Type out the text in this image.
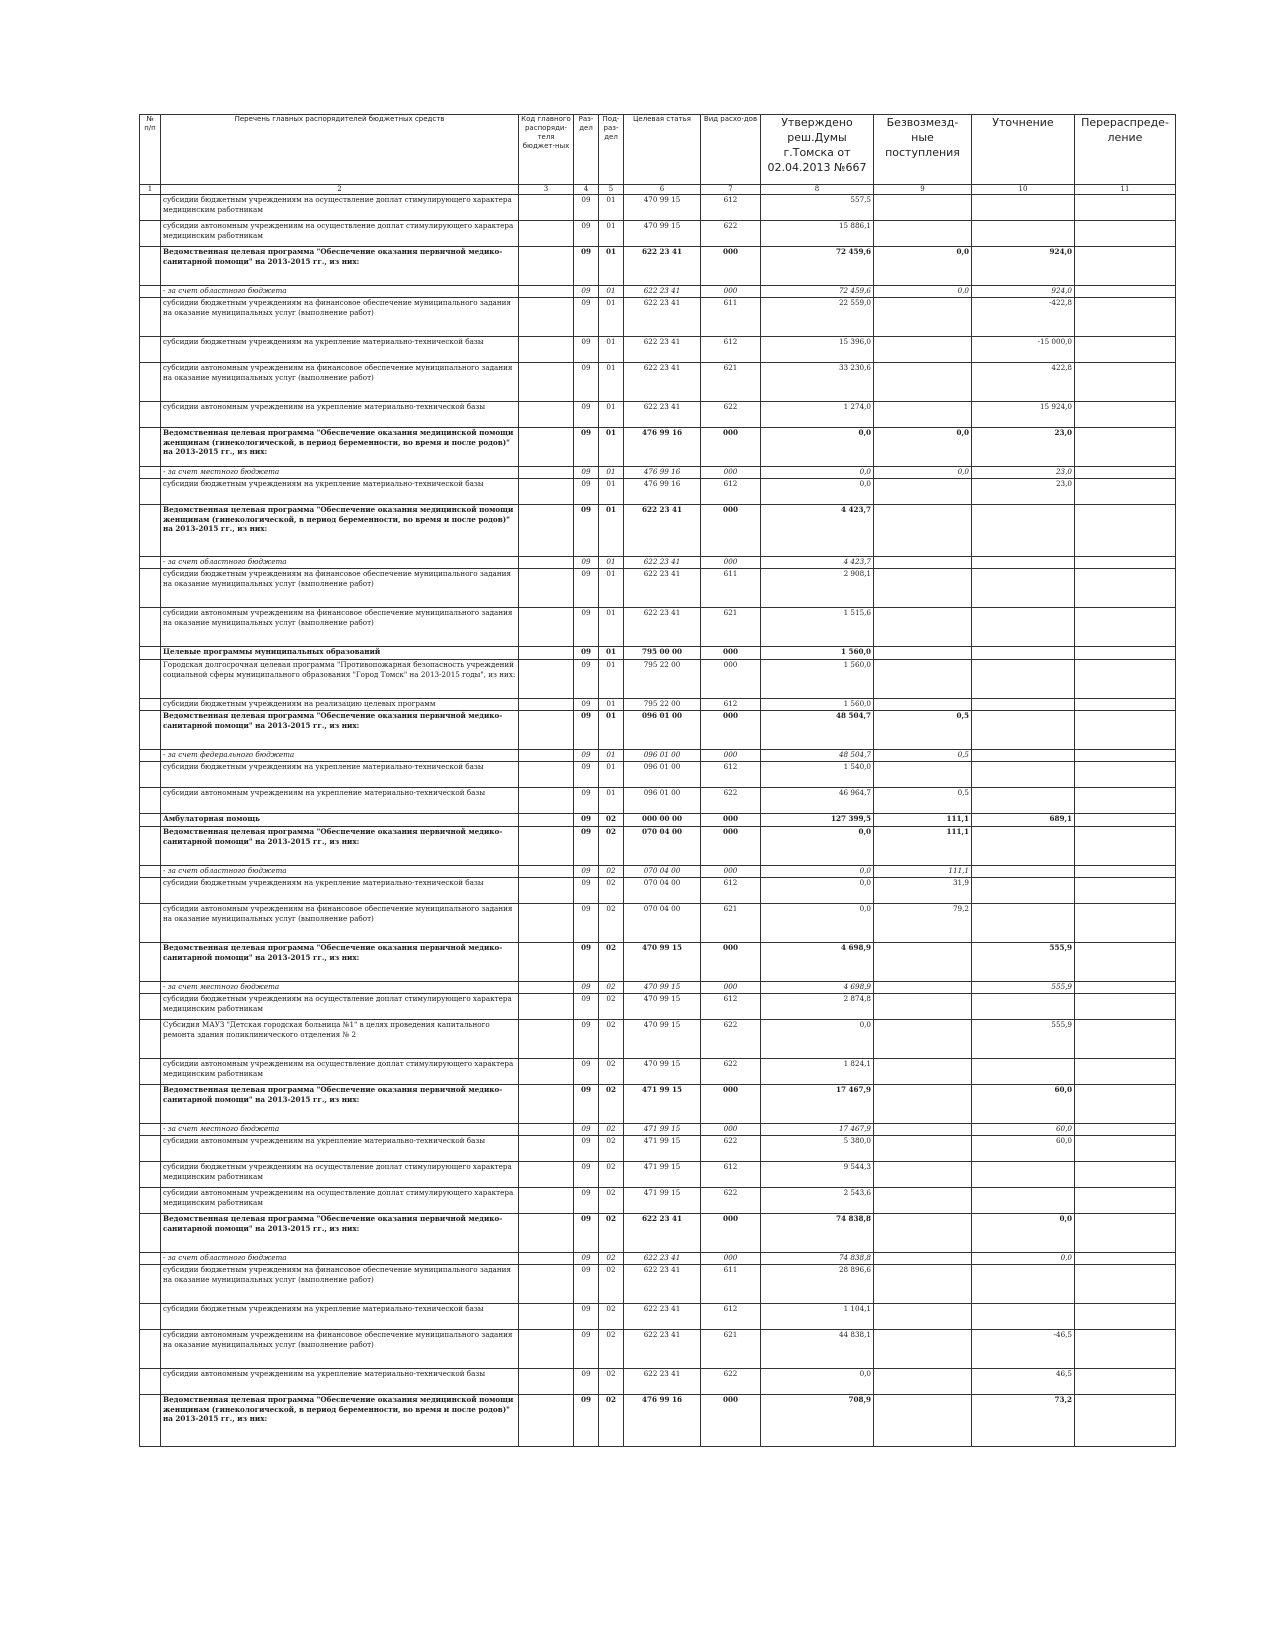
№ п/п	Перечень главных распорядителей бюджетных средств	Код главного распоряди-теля бюджет-ных	Раз-дел	Под-раз-дел	Целевая статья	Вид расхо-дов	Утверждено реш.Думы г.Томска от 02.04.2013 №667	Безвозмезд-ные поступления	Уточнение	Перераспреде-ление
1	2	3	4	5	6	7	8	9	10	11
	субсидии бюджетным учреждениям на осуществление доплат стимулирующего характера медицинским работникам		09	01	470 99 15	612	557,5			
	субсидии автономным учреждениям на осуществление доплат стимулирующего характера медицинским работникам		09	01	470 99 15	622	15 886,1			
	Ведомственная целевая программа "Обеспечение оказания первичной медико-санитарной помощи" на 2013-2015 гг., из них:		09	01	622 23 41	000	72 459,6	0,0	924,0	
	- за счет областного бюджета		09	01	622 23 41	000	72 459,6	0,0	924,0	
	субсидии бюджетным учреждениям на финансовое обеспечение муниципального задания на оказание муниципальных услуг (выполнение работ)		09	01	622 23 41	611	22 559,0		-422,8	
	субсидии бюджетным учреждениям на укрепление материально-технической базы		09	01	622 23 41	612	15 396,0		-15 000,0	
	субсидии автономным учреждениям на финансовое обеспечение муниципального задания на оказание муниципальных услуг (выполнение работ)		09	01	622 23 41	621	33 230,6		422,8	
	субсидии автономным учреждениям на укрепление материально-технической базы		09	01	622 23 41	622	1 274,0		15 924,0	
	Ведомственная целевая программа "Обеспечение оказания медицинской помощи женщинам (гинекологической, в период беременности, во время и после родов)" на 2013-2015 гг., из них:		09	01	476 99 16	000	0,0	0,0	23,0	
	- за счет местного бюджета		09	01	476 99 16	000	0,0	0,0	23,0	
	субсидии бюджетным учреждениям на укрепление материально-технической базы		09	01	476 99 16	612	0,0		23,0	
	Ведомственная целевая программа "Обеспечение оказания медицинской помощи женщинам (гинекологической, в период беременности, во время и после родов)" на 2013-2015 гг., из них:		09	01	622 23 41	000	4 423,7			
	- за счет областного бюджета		09	01	622 23 41	000	4 423,7			
	субсидии бюджетным учреждениям на финансовое обеспечение муниципального задания на оказание муниципальных услуг (выполнение работ)		09	01	622 23 41	611	2 908,1			
	субсидии автономным учреждениям на финансовое обеспечение муниципального задания на оказание муниципальных услуг (выполнение работ)		09	01	622 23 41	621	1 515,6			
	Целевые программы муниципальных образований		09	01	795 00 00	000	1 560,0			
	Городская долгосрочная целевая программа "Противопожарная безопасность учреждений социальной сферы муниципального образования "Город Томск" на 2013-2015 годы", из них:		09	01	795 22 00	000	1 560,0			
	субсидии бюджетным учреждениям на реализацию целевых программ		09	01	795 22 00	612	1 560,0			
	Ведомственная целевая программа "Обеспечение оказания первичной медико-санитарной помощи" на 2013-2015 гг., из них:		09	01	096 01 00	000	48 504,7	0,5		
	- за счет федерального бюджета		09	01	096 01 00	000	48 504,7	0,5		
	субсидии бюджетным учреждениям на укрепление материально-технической базы		09	01	096 01 00	612	1 540,0			
	субсидии автономным учреждениям на укрепление материально-технической базы		09	01	096 01 00	622	46 964,7	0,5		
	Амбулаторная помощь		09	02	000 00 00	000	127 399,5	111,1	689,1	
	Ведомственная целевая программа "Обеспечение оказания первичной медико-санитарной помощи" на 2013-2015 гг., из них:		09	02	070 04 00	000	0,0	111,1		
	- за счет областного бюджета		09	02	070 04 00	000	0,0	111,1		
	субсидии бюджетным учреждениям на укрепление материально-технической базы		09	02	070 04 00	612	0,0	31,9		
	субсидии автономным учреждениям на финансовое обеспечение муниципального задания на оказание муниципальных услуг (выполнение работ)		09	02	070 04 00	621	0,0	79,2		
	Ведомственная целевая программа "Обеспечение оказания первичной медико-санитарной помощи" на 2013-2015 гг., из них:		09	02	470 99 15	000	4 698,9		555,9	
	- за счет местного бюджета		09	02	470 99 15	000	4 698,9		555,9	
	субсидии бюджетным учреждениям на осуществление доплат стимулирующего характера медицинским работникам		09	02	470 99 15	612	2 874,8			
	Субсидия МАУЗ "Детская городская больница №1" в целях проведения капитального ремонта здания поликлинического отделения № 2		09	02	470 99 15	622	0,0		555,9	
	субсидии автономным учреждениям на осуществление доплат стимулирующего характера медицинским работникам		09	02	470 99 15	622	1 824,1			
	Ведомственная целевая программа "Обеспечение оказания первичной медико-санитарной помощи" на 2013-2015 гг., из них:		09	02	471 99 15	000	17 467,9		60,0	
	- за счет местного бюджета		09	02	471 99 15	000	17 467,9		60,0	
	субсидии автономным учреждениям на укрепление материально-технической базы		09	02	471 99 15	622	5 380,0		60,0	
	субсидии бюджетным учреждениям на осуществление доплат стимулирующего характера медицинским работникам		09	02	471 99 15	612	9 544,3			
	субсидии автономным учреждениям на осуществление доплат стимулирующего характера медицинским работникам		09	02	471 99 15	622	2 543,6			
	Ведомственная целевая программа "Обеспечение оказания первичной медико-санитарной помощи" на 2013-2015 гг., из них:		09	02	622 23 41	000	74 838,8		0,0	
	- за счет областного бюджета		09	02	622 23 41	000	74 838,8		0,0	
	субсидии бюджетным учреждениям на финансовое обеспечение муниципального задания на оказание муниципальных услуг (выполнение работ)		09	02	622 23 41	611	28 896,6			
	субсидии бюджетным учреждениям на укрепление материально-технической базы		09	02	622 23 41	612	1 104,1			
	субсидии автономным учреждениям на финансовое обеспечение муниципального задания на оказание муниципальных услуг (выполнение работ)		09	02	622 23 41	621	44 838,1		-46,5	
	субсидии автономным учреждениям на укрепление материально-технической базы		09	02	622 23 41	622	0,0		46,5	
	Ведомственная целевая программа "Обеспечение оказания медицинской помощи женщинам (гинекологической, в период беременности, во время и после родов)" на 2013-2015 гг., из них:		09	02	476 99 16	000	708,9		73,2	
